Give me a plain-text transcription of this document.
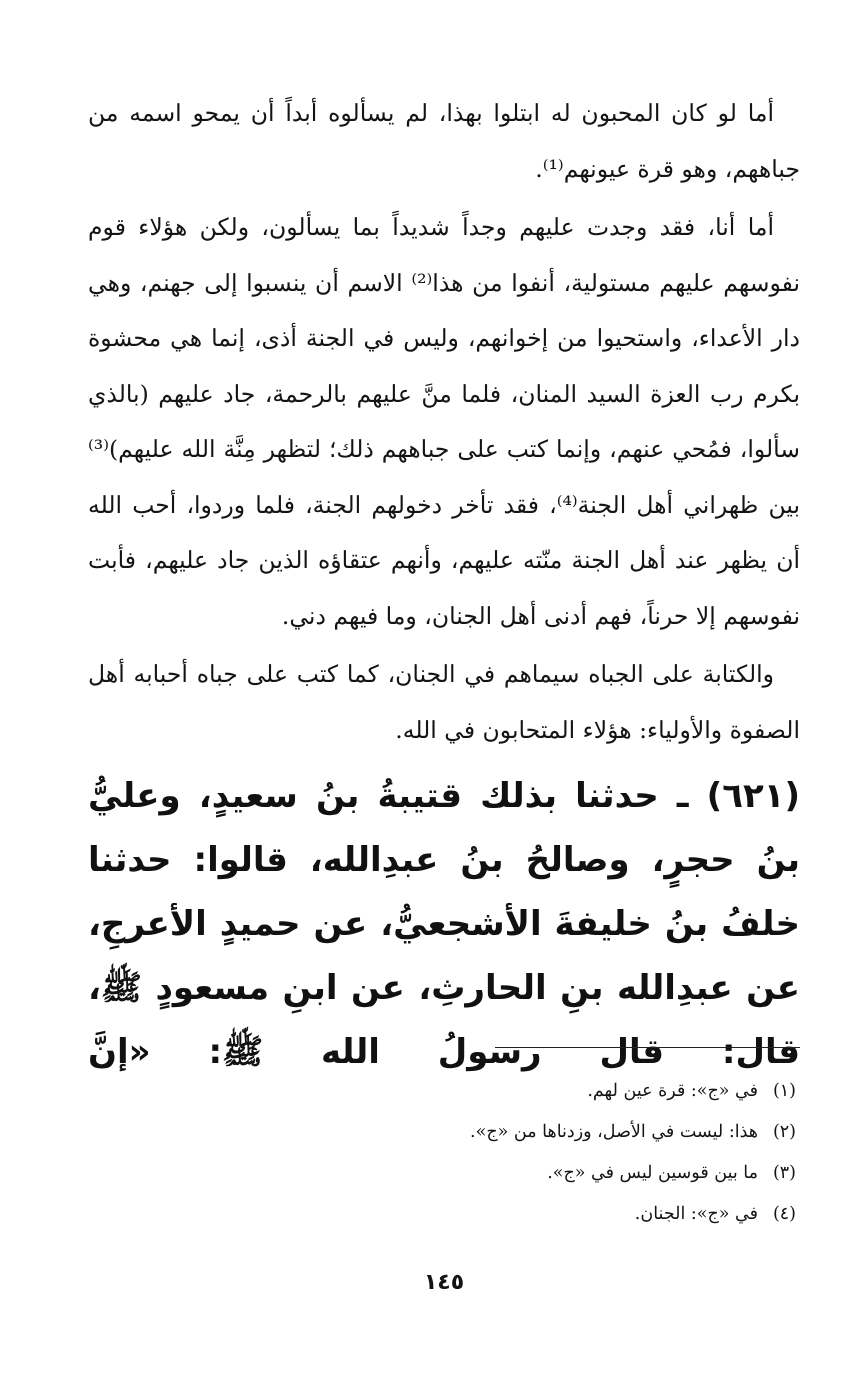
أما لو كان المحبون له ابتلوا بهذا، لم يسألوه أبداً أن يمحو اسمه من جباههم، وهو قرة عيونهم⁽¹⁾.

أما أنا، فقد وجدت عليهم وجداً شديداً بما يسألون، ولكن هؤلاء قوم نفوسهم عليهم مستولية، أنفوا من هذا⁽²⁾ الاسم أن ينسبوا إلى جهنم، وهي دار الأعداء، واستحيوا من إخوانهم، وليس في الجنة أذى، إنما هي محشوة بكرم رب العزة السيد المنان، فلما منَّ عليهم بالرحمة، جاد عليهم (بالذي سألوا، فمُحي عنهم، وإنما كتب على جباههم ذلك؛ لتظهر مِنَّة الله عليهم)⁽³⁾ بين ظهراني أهل الجنة⁽⁴⁾، فقد تأخر دخولهم الجنة، فلما وردوا، أحب الله أن يظهر عند أهل الجنة منّته عليهم، وأنهم عتقاؤه الذين جاد عليهم، فأبت نفوسهم إلا حرناً، فهم أدنى أهل الجنان، وما فيهم دني.

والكتابة على الجباه سيماهم في الجنان، كما كتب على جباه أحبابه أهل الصفوة والأولياء: هؤلاء المتحابون في الله.

(٦٢١) ـ حدثنا بذلك قتيبةُ بنُ سعيدٍ، وعليُّ بنُ حجرٍ، وصالحُ بنُ عبدِالله، قالوا: حدثنا خلفُ بنُ خليفةَ الأشجعيُّ، عن حميدٍ الأعرجِ، عن عبدِالله بنِ الحارثِ، عن ابنِ مسعودٍ ﷺ، قال: قال رسولُ الله ﷺ: «إنَّ

(١)
في «ج»: قرة عين لهم.
(٢)
هذا: ليست في الأصل، وزدناها من «ج».
(٣)
ما بين قوسين ليس في «ج».
(٤)
في «ج»: الجنان.
١٤٥
